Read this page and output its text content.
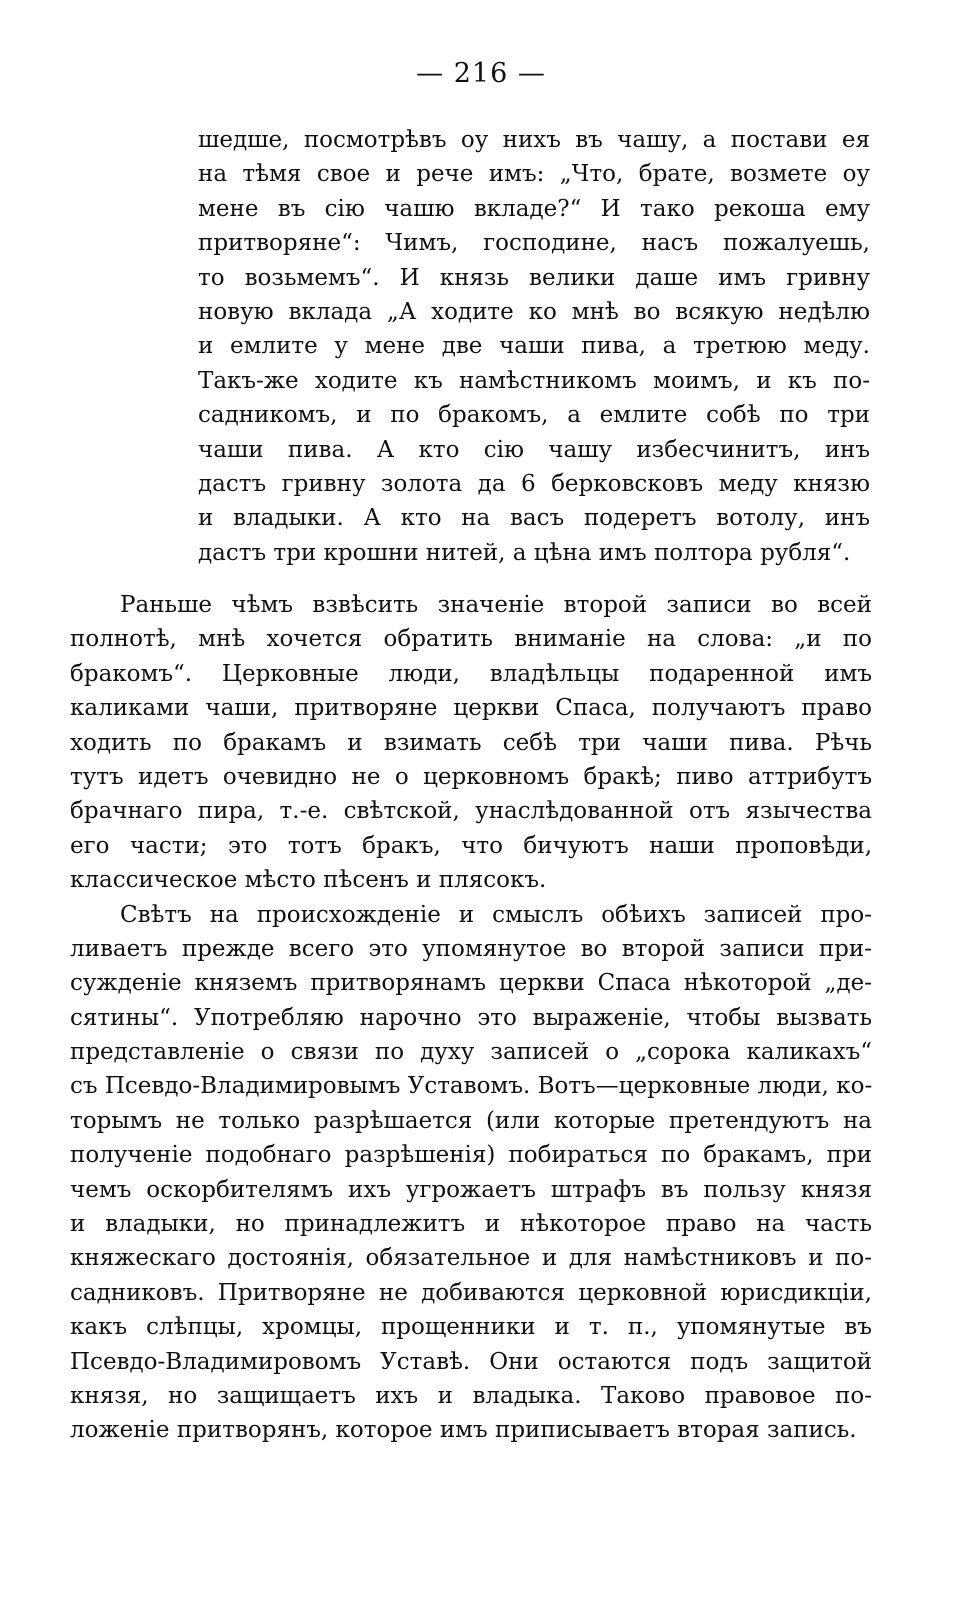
— 216 —
шедше, посмотрѣвъ оу нихъ въ чашу, а постави ея
на тѣмя свое и рече имъ: „Что, брате, возмете оу
мене въ сію чашю вкладе?“ И тако рекоша ему
притворяне“: Чимъ, господине, насъ пожалуешь,
то возьмемъ“. И князь велики даше имъ гривну
новую вклада „А ходите ко мнѣ во всякую недѣлю
и емлите у мене две чаши пива, а третюю меду.
Такъ-же ходите къ намѣстникомъ моимъ, и къ по-
садникомъ, и по бракомъ, а емлите собѣ по три
чаши пива. А кто сію чашу избесчинитъ, инъ
дастъ гривну золота да 6 берковсковъ меду князю
и владыки. А кто на васъ подеретъ вотолу, инъ
дастъ три крошни нитей, а цѣна имъ полтора рубля“.
Раньше чѣмъ взвѣсить значеніе второй записи во всей
полнотѣ, мнѣ хочется обратить вниманіе на слова: „и по
бракомъ“. Церковные люди, владѣльцы подаренной имъ
каликами чаши, притворяне церкви Спаса, получаютъ право
ходить по бракамъ и взимать себѣ три чаши пива. Рѣчь
тутъ идетъ очевидно не о церковномъ бракѣ; пиво аттрибутъ
брачнаго пира, т.-е. свѣтской, унаслѣдованной отъ язычества
его части; это тотъ бракъ, что бичуютъ наши проповѣди,
классическое мѣсто пѣсенъ и плясокъ.
Свѣтъ на происхожденіе и смыслъ обѣихъ записей про-
ливаетъ прежде всего это упомянутое во второй записи при-
сужденіе княземъ притворянамъ церкви Спаса нѣкоторой „де-
сятины“. Употребляю нарочно это выраженіе, чтобы вызвать
представленіе о связи по духу записей о „сорока каликахъ“
съ Псевдо-Владимировымъ Уставомъ. Вотъ—церковные люди, ко-
торымъ не только разрѣшается (или которые претендуютъ на
полученіе подобнаго разрѣшенія) побираться по бракамъ, при
чемъ оскорбителямъ ихъ угрожаетъ штрафъ въ пользу князя
и владыки, но принадлежитъ и нѣкоторое право на часть
княжескаго достоянія, обязательное и для намѣстниковъ и по-
садниковъ. Притворяне не добиваются церковной юрисдикціи,
какъ слѣпцы, хромцы, прощенники и т. п., упомянутые въ
Псевдо-Владимировомъ Уставѣ. Они остаются подъ защитой
князя, но защищаетъ ихъ и владыка. Таково правовое по-
ложеніе притворянъ, которое имъ приписываетъ вторая запись.
